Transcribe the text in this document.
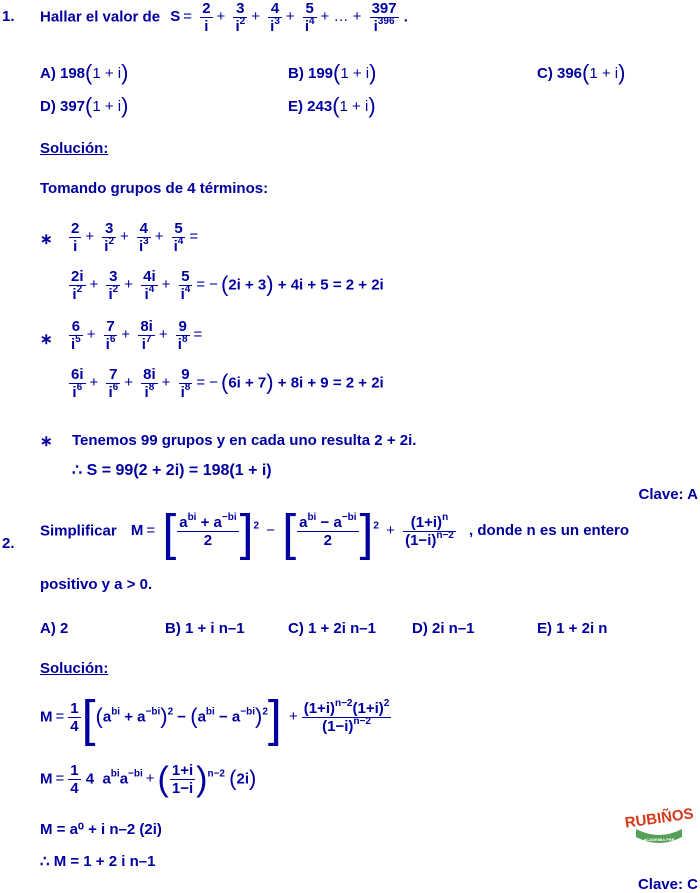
1. Hallar el valor de $S = \frac{2}{i} + \frac{3}{i^2} + \frac{4}{i^3} + \frac{5}{i^4}$ + … + $\frac{397}{i^{396}}$ .
A) 198(1 + i)	B) 199(1 + i)	C) 396(1 + i)
D) 397(1 + i)	E) 243(1 + i)
Solución:
Tomando grupos de 4 términos:
∗ $\frac{2}{i} + \frac{3}{i^2} + \frac{4}{i^3} + \frac{5}{i^4}$ =
$\frac{2i}{i^2} + \frac{3}{i^2} + \frac{4i}{i^4} + \frac{5}{i^4}$ = − (2i + 3) + 4i + 5 = 2 + 2i
∗ $\frac{6}{i^5} + \frac{7}{i^6} + \frac{8i}{i^7} + \frac{9}{i^8}$ =
$\frac{6i}{i^6} + \frac{7}{i^6} + \frac{8i}{i^8} + \frac{9}{i^8}$ = − (6i + 7) + 8i + 9 = 2 + 2i
∗ Tenemos 99 grupos y en cada uno resulta 2 + 2i.
∴ S = 99(2 + 2i) = 198(1 + i)
Clave: A
2.
Simplificar M = [ $a^{bi} + a^{-bi}$
2 ]$^2$ − [ $a^{bi} - a^{-bi}$
2 ]$^2 + \frac{(1+i)^n}{(1-i)^{n-2}}$ , donde n es un entero
positivo y a > 0.
A) 2	B) 1 + i n–1	C) 1 + 2i n–1 D) 2i n–1	E) 1 + 2i n
Solución:
$M = \frac{1}{4} [(a^{bi} + a^{-bi})^2 - (a^{bi} - a^{-bi})^2] + \frac{(1+i)^{n-2}(1+i)^2}{(1-i)^{n-2}}$
$M = \frac{1}{4} 4$  $a^{bi}a^{-bi}$ +( $\frac{1+i}{1-i} )^{n-2}$ (2i)
M = a⁰ + i n–2 (2i)
∴ M = 1 + 2 i n–1
Clave: C
RUBIÑOS
ACADEMIA PRE
